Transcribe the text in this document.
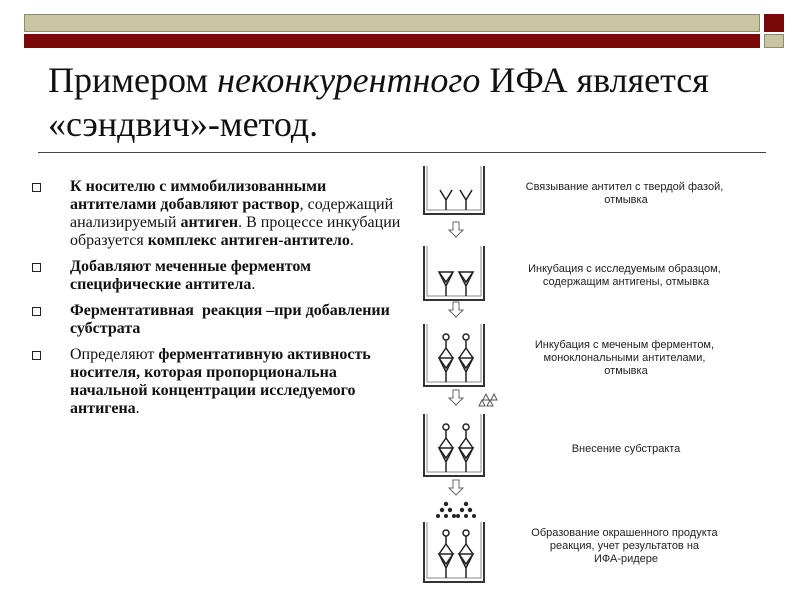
Примером неконкурентного ИФА является «сэндвич»-метод.
К носителю с иммобилизованными антителами добавляют раствор, содержащий анализируемый антиген. В процессе инкубации образуется комплекс антиген-антитело.
Добавляют меченные ферментом специфические антитела.
Ферментативная  реакция –при добавлении субстрата
Определяют ферментативную активность носителя, которая пропорциональна начальной концентрации исследуемого антигена.
Связывание антител с твердой фазой, отмывка
Инкубация с исследуемым образцом, содержащим антигены, отмывка
Инкубация с меченым ферментом, моноклональными антителами, отмывка
Внесение субстракта
Образование окрашенного продукта реакция, учет результатов на ИФА-ридере
